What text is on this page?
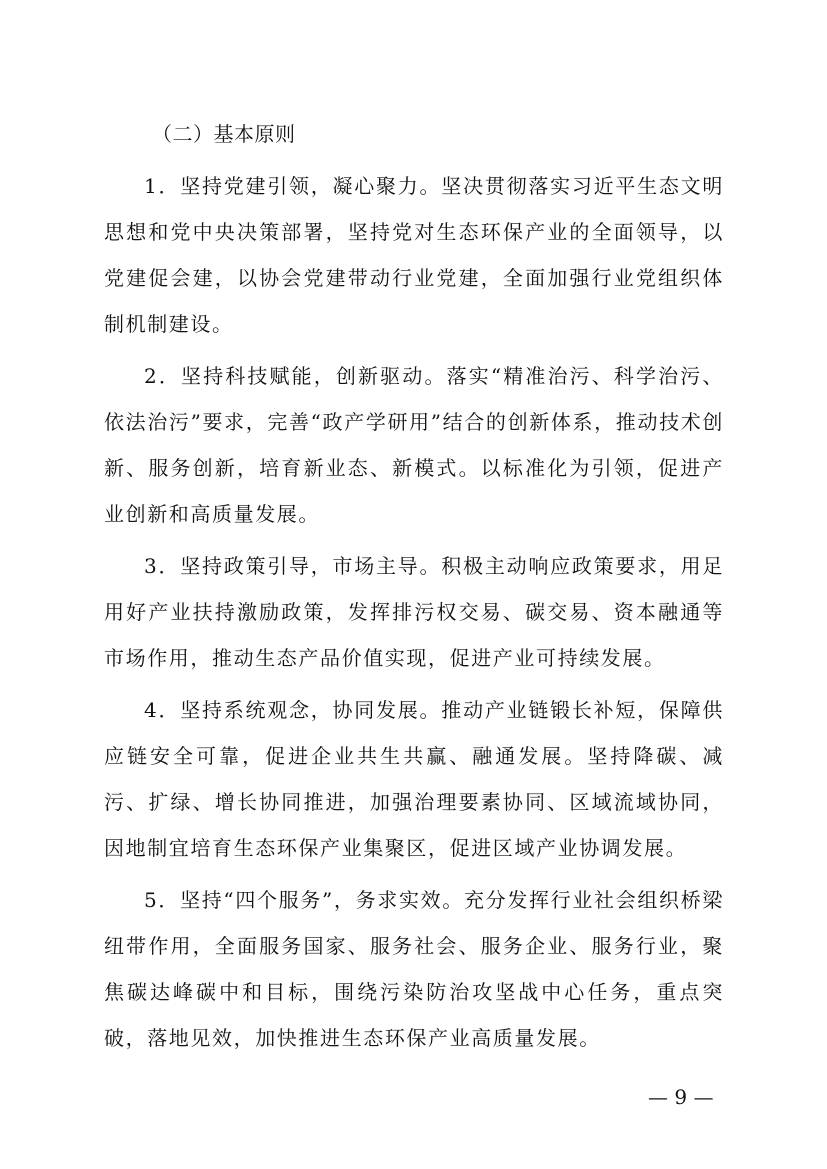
（二）基本原则

1．坚持党建引领，凝心聚力。坚决贯彻落实习近平生态文明思想和党中央决策部署，坚持党对生态环保产业的全面领导，以党建促会建，以协会党建带动行业党建，全面加强行业党组织体制机制建设。

2．坚持科技赋能，创新驱动。落实“精准治污、科学治污、依法治污”要求，完善“政产学研用”结合的创新体系，推动技术创新、服务创新，培育新业态、新模式。以标准化为引领，促进产业创新和高质量发展。

3．坚持政策引导，市场主导。积极主动响应政策要求，用足用好产业扶持激励政策，发挥排污权交易、碳交易、资本融通等市场作用，推动生态产品价值实现，促进产业可持续发展。

4．坚持系统观念，协同发展。推动产业链锻长补短，保障供应链安全可靠，促进企业共生共赢、融通发展。坚持降碳、减污、扩绿、增长协同推进，加强治理要素协同、区域流域协同，因地制宜培育生态环保产业集聚区，促进区域产业协调发展。

5．坚持“四个服务”，务求实效。充分发挥行业社会组织桥梁纽带作用，全面服务国家、服务社会、服务企业、服务行业，聚焦碳达峰碳中和目标，围绕污染防治攻坚战中心任务，重点突破，落地见效，加快推进生态环保产业高质量发展。

— 9 —
